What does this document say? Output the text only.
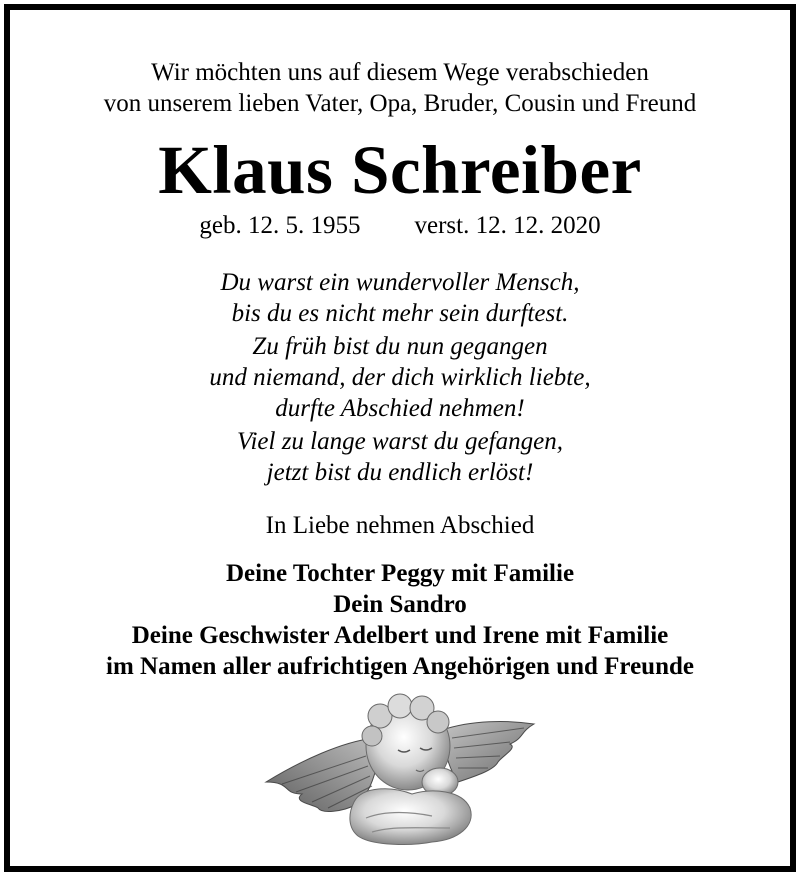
Wir möchten uns auf diesem Wege verabschieden
von unserem lieben Vater, Opa, Bruder, Cousin und Freund
Klaus Schreiber
geb. 12. 5. 1955 verst. 12. 12. 2020
Du warst ein wundervoller Mensch,
bis du es nicht mehr sein durftest.
Zu früh bist du nun gegangen
und niemand, der dich wirklich liebte,
durfte Abschied nehmen!
Viel zu lange warst du gefangen,
jetzt bist du endlich erlöst!
In Liebe nehmen Abschied
Deine Tochter Peggy mit Familie
Dein Sandro
Deine Geschwister Adelbert und Irene mit Familie
im Namen aller aufrichtigen Angehörigen und Freunde
